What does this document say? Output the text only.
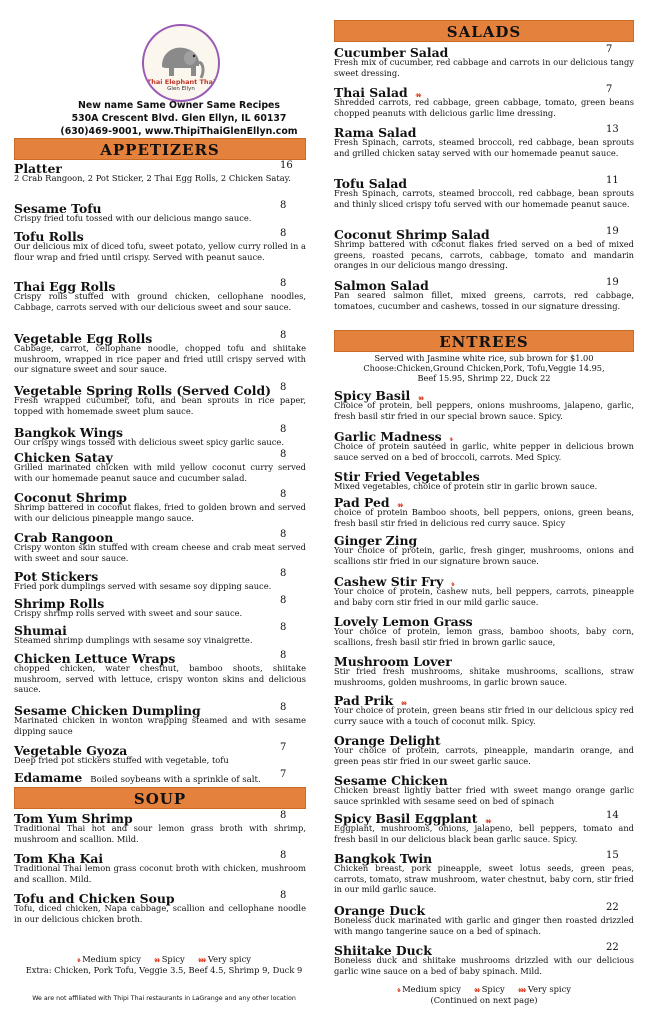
Thai Elephant Thai
Glen Ellyn
New name Same Owner Same Recipes
530A Crescent Blvd. Glen Ellyn, IL 60137
(630)469-9001, www.ThipiThaiGlenEllyn.com
APPETIZERS
Platter	16
2 Crab Rangoon, 2 Pot Sticker, 2 Thai Egg Rolls, 2 Chicken Satay.
Sesame Tofu	8
Crispy fried tofu tossed with our delicious mango sauce.
Tofu Rolls	8
Our delicious mix of diced tofu, sweet potato, yellow curry rolled in a flour wrap and fried until crispy. Served with peanut sauce.
Thai Egg Rolls	8
Crispy rolls stuffed with ground chicken, cellophane noodles, Cabbage, carrots served with our delicious sweet and sour sauce.
Vegetable Egg Rolls	8
Cabbage, carrot, cellophane noodle, chopped tofu and shiitake mushroom, wrapped in rice paper and fried utill crispy served with our signature sweet and sour sauce.
Vegetable Spring Rolls (Served Cold) 8
Fresh wrapped cucumber, tofu, and bean sprouts in rice paper, topped with homemade sweet plum sauce.
Bangkok Wings	8
Our crispy wings tossed with delicious sweet spicy garlic sauce.
Chicken Satay	8
Grilled marinated chicken with mild yellow coconut curry served with our homemade peanut sauce and cucumber salad.
Coconut Shrimp	8
Shrimp battered in coconut flakes, fried to golden brown and served with our delicious pineapple mango sauce.
Crab Rangoon	8
Crispy wonton skin stuffed with cream cheese and crab meat served with sweet and sour sauce.
Pot Stickers	8
Fried pork dumplings served with sesame soy dipping sauce.
Shrimp Rolls	8
Crispy shrimp rolls served with sweet and sour sauce.
Shumai	8
Steamed shrimp dumplings with sesame soy vinaigrette.
Chicken Lettuce Wraps	8
chopped chicken, water chestnut, bamboo shoots, shiitake mushroom, served with lettuce, crispy wonton skins and delicious sauce.
Sesame Chicken Dumpling	8
Marinated chicken in wonton wrapping steamed and with sesame dipping sauce
Vegetable Gyoza	7
Deep fried pot stickers stuffed with vegetable, tofu
Edamame Boiled soybeans with a sprinkle of salt. 7
SOUP
Tom Yum Shrimp	8
Traditional Thai hot and sour lemon grass broth with shrimp, mushroom and scallion. Mild.
Tom Kha Kai	8
Traditional Thai lemon grass coconut broth with chicken, mushroom and scallion. Mild.
Tofu and Chicken Soup	8
Tofu, diced chicken, Napa cabbage, scallion and cellophane noodle in our delicious chicken broth.
𝓇 Medium spicy 𝓇𝓇 Spicy 𝓇𝓇𝓇 Very spicy
Extra: Chicken, Pork Tofu, Veggie 3.5, Beef 4.5, Shrimp 9, Duck 9
We are not affiliated with Thipi Thai restaurants in LaGrange and any other location
SALADS
Cucumber Salad	7
Fresh mix of cucumber, red cabbage and carrots in our delicious tangy sweet dressing.
Thai Salad 𝓇𝓇	7
Shredded carrots, red cabbage, green cabbage, tomato, green beans chopped peanuts with delicious garlic lime dressing.
Rama Salad	13
Fresh Spinach, carrots, steamed broccoli, red cabbage, bean sprouts and grilled chicken satay served with our homemade peanut sauce.
Tofu Salad	11
Fresh Spinach, carrots, steamed broccoli, red cabbage, bean sprouts and thinly sliced crispy tofu served with our homemade peanut sauce.
Coconut Shrimp Salad	19
Shrimp battered with coconut flakes fried served on a bed of mixed greens, roasted pecans, carrots, cabbage, tomato and mandarin oranges in our delicious mango dressing.
Salmon Salad	19
Pan seared salmon fillet, mixed greens, carrots, red cabbage, tomatoes, cucumber and cashews, tossed in our signature dressing.
ENTREES
Served with Jasmine white rice, sub brown for $1.00
Choose:Chicken,Ground Chicken,Pork, Tofu,Veggie 14.95,
Beef 15.95, Shrimp 22, Duck 22
Spicy Basil 𝓇𝓇
Choice of protein, bell peppers, onions mushrooms, jalapeno, garlic, fresh basil stir fried in our special brown sauce. Spicy.
Garlic Madness 𝓇
Choice of protein sautéed in garlic, white pepper in delicious brown sauce served on a bed of broccoli, carrots. Med Spicy.
Stir Fried Vegetables
Mixed vegetables, choice of protein stir in garlic brown sauce.
Pad Ped 𝓇𝓇
choice of protein Bamboo shoots, bell peppers, onions, green beans, fresh basil stir fried in delicious red curry sauce. Spicy
Ginger Zing
Your choice of protein, garlic, fresh ginger, mushrooms, onions and scallions stir fried in our signature brown sauce.
Cashew Stir Fry 𝓇
Your choice of protein, cashew nuts, bell peppers, carrots, pineapple and baby corn stir fried in our mild garlic sauce.
Lovely Lemon Grass
Your choice of protein, lemon grass, bamboo shoots, baby corn, scallions, fresh basil stir fried in brown garlic sauce,
Mushroom Lover
Stir fried fresh mushrooms, shitake mushrooms, scallions, straw mushrooms, golden mushrooms, in garlic brown sauce.
Pad Prik 𝓇𝓇
Your choice of protein, green beans stir fried in our delicious spicy red curry sauce with a touch of coconut milk. Spicy.
Orange Delight
Your choice of protein, carrots, pineapple, mandarin orange, and green peas stir fried in our sweet garlic sauce.
Sesame Chicken
Chicken breast lightly batter fried with sweet mango orange garlic sauce sprinkled with sesame seed on bed of spinach
Spicy Basil Eggplant 𝓇𝓇	14
Eggplant, mushrooms, onions, jalapeno, bell peppers, tomato and fresh basil in our delicious black bean garlic sauce. Spicy.
Bangkok Twin	15
Chicken breast, pork pineapple, sweet lotus seeds, green peas, carrots, tomato, straw mushroom, water chestnut, baby corn, stir fried in our mild garlic sauce.
Orange Duck	22
Boneless duck marinated with garlic and ginger then roasted drizzled with mango tangerine sauce on a bed of spinach.
Shiitake Duck	22
Boneless duck and shiitake mushrooms drizzled with our delicious garlic wine sauce on a bed of baby spinach. Mild.
𝓇 Medium spicy 𝓇𝓇 Spicy 𝓇𝓇𝓇 Very spicy
(Continued on next page)
